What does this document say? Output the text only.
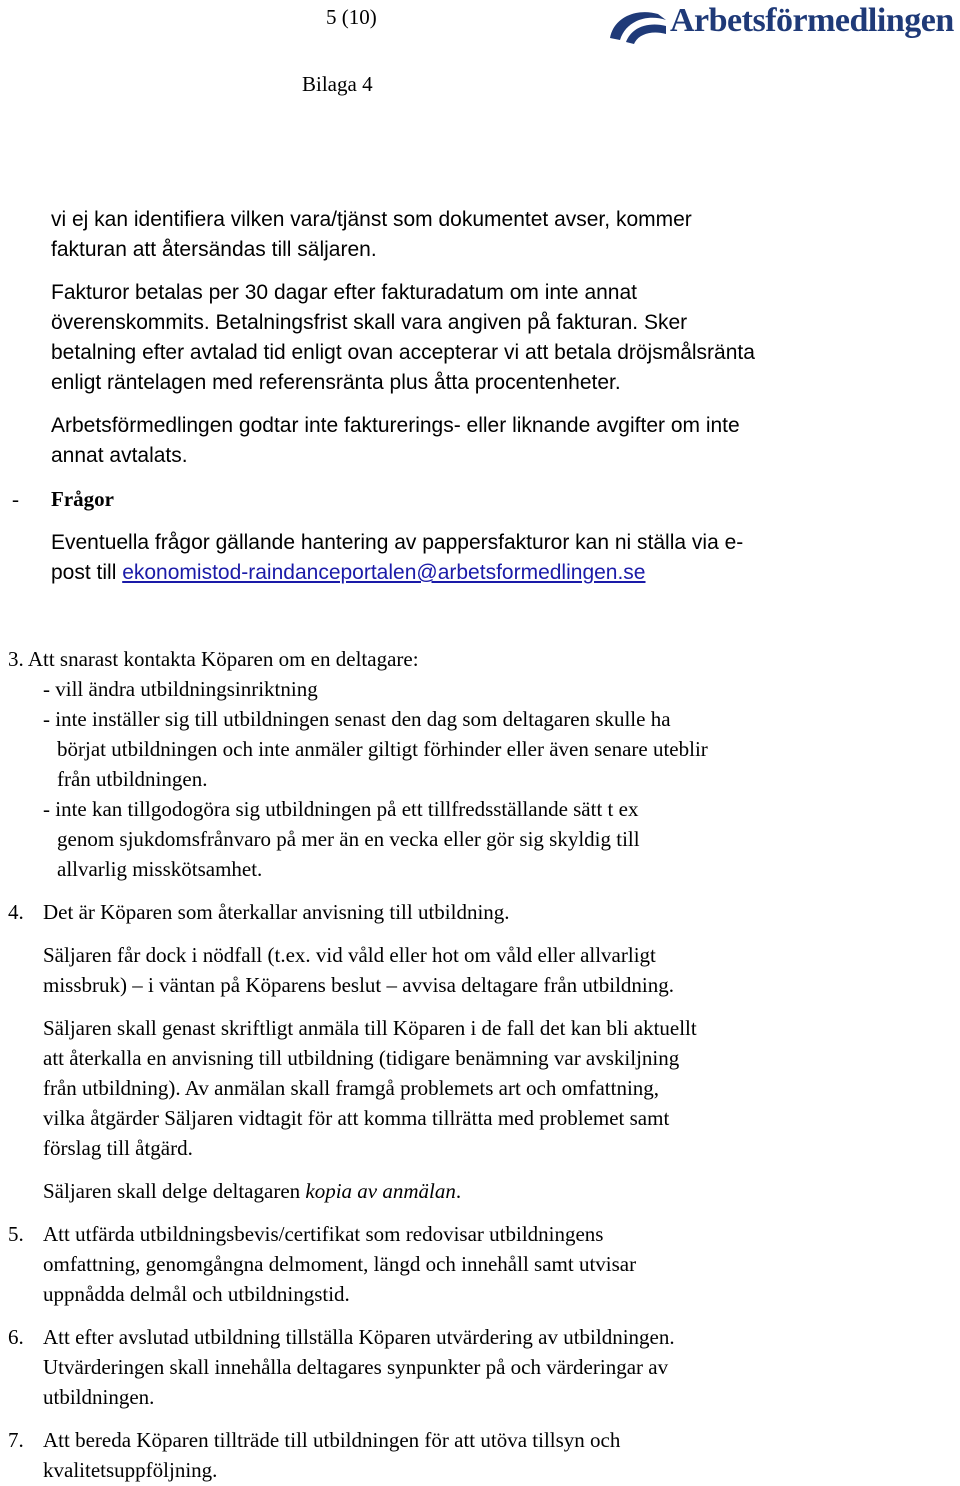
5 (10)
Bilaga 4
Arbetsförmedlingen
vi ej kan identifiera vilken vara/tjänst som dokumentet avser, kommer
fakturan att återsändas till säljaren.
Fakturor betalas per 30 dagar efter fakturadatum om inte annat
överenskommits. Betalningsfrist skall vara angiven på fakturan. Sker
betalning efter avtalad tid enligt ovan accepterar vi att betala dröjsmålsränta
enligt räntelagen med referensränta plus åtta procentenheter.
Arbetsförmedlingen godtar inte fakturerings- eller liknande avgifter om inte
annat avtalats.
- Frågor
Eventuella frågor gällande hantering av pappersfakturor kan ni ställa via e-
post till ekonomistod-raindanceportalen@arbetsformedlingen.se
3. Att snarast kontakta Köparen om en deltagare:
- vill ändra utbildningsinriktning
- inte inställer sig till utbildningen senast den dag som deltagaren skulle ha
börjat utbildningen och inte anmäler giltigt förhinder eller även senare uteblir
från utbildningen.
- inte kan tillgodogöra sig utbildningen på ett tillfredsställande sätt t ex
genom sjukdomsfrånvaro på mer än en vecka eller gör sig skyldig till
allvarlig misskötsamhet.
4. Det är Köparen som återkallar anvisning till utbildning.
Säljaren får dock i nödfall (t.ex. vid våld eller hot om våld eller allvarligt
missbruk) – i väntan på Köparens beslut – avvisa deltagare från utbildning.
Säljaren skall genast skriftligt anmäla till Köparen i de fall det kan bli aktuellt
att återkalla en anvisning till utbildning (tidigare benämning var avskiljning
från utbildning). Av anmälan skall framgå problemets art och omfattning,
vilka åtgärder Säljaren vidtagit för att komma tillrätta med problemet samt
förslag till åtgärd.
Säljaren skall delge deltagaren kopia av anmälan.
5. Att utfärda utbildningsbevis/certifikat som redovisar utbildningens
omfattning, genomgångna delmoment, längd och innehåll samt utvisar
uppnådda delmål och utbildningstid.
6. Att efter avslutad utbildning tillställa Köparen utvärdering av utbildningen.
Utvärderingen skall innehålla deltagares synpunkter på och värderingar av
utbildningen.
7. Att bereda Köparen tillträde till utbildningen för att utöva tillsyn och
kvalitetsuppföljning.
